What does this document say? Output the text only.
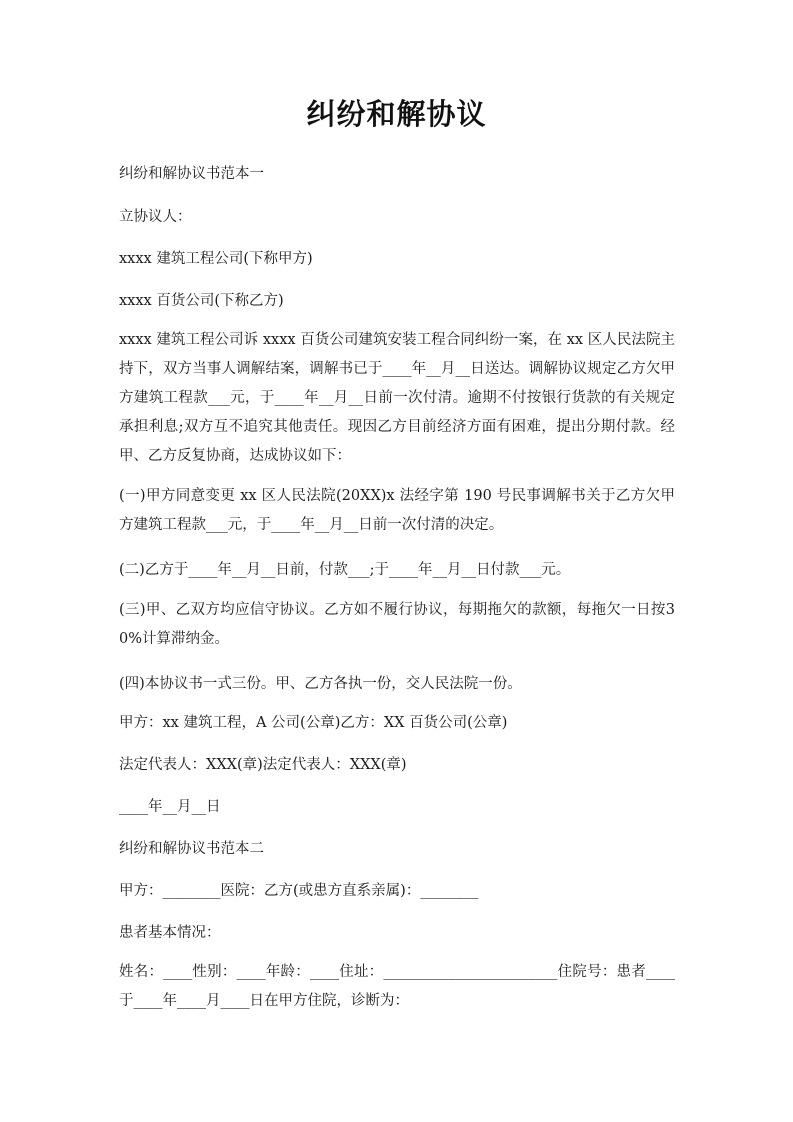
纠纷和解协议
纠纷和解协议书范本一
立协议人：
xxxx 建筑工程公司(下称甲方)
xxxx 百货公司(下称乙方)
xxxx 建筑工程公司诉 xxxx 百货公司建筑安装工程合同纠纷一案，在 xx 区人民法院主持下，双方当事人调解结案，调解书已于____年__月__日送达。调解协议规定乙方欠甲方建筑工程款___元，于____年__月__日前一次付清。逾期不付按银行货款的有关规定承担利息;双方互不追究其他责任。现因乙方目前经济方面有困难，提出分期付款。经甲、乙方反复协商，达成协议如下：
(一)甲方同意变更 xx 区人民法院(20XX)x 法经字第 190 号民事调解书关于乙方欠甲方建筑工程款___元，于____年__月__日前一次付清的决定。
(二)乙方于____年__月__日前，付款___;于____年__月__日付款___元。
(三)甲、乙双方均应信守协议。乙方如不履行协议，每期拖欠的款额，每拖欠一日按30%计算滞纳金。
(四)本协议书一式三份。甲、乙方各执一份，交人民法院一份。
甲方：xx 建筑工程，A 公司(公章)乙方：XX 百货公司(公章)
法定代表人：XXX(章)法定代表人：XXX(章)
____年__月__日
纠纷和解协议书范本二
甲方：________医院：乙方(或患方直系亲属)：________
患者基本情况：
姓名：____性别：____年龄：____住址：________________________住院号：患者____于____年____月____日在甲方住院，诊断为：
